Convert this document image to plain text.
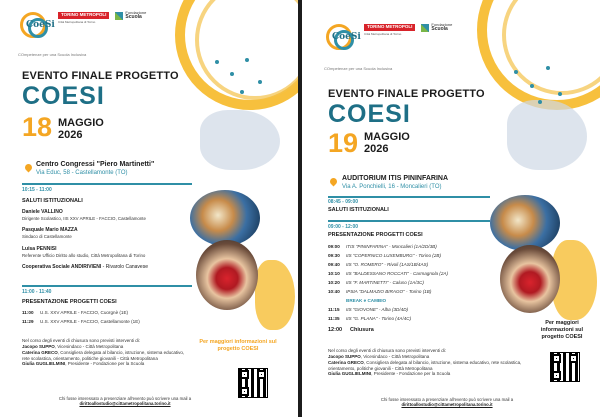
CoeSi
TORINO METROPOLI
Città Metropolitana di Torino
Fondazione
Scuola
COmpetenze per una Scuola Inclusiva
EVENTO FINALE PROGETTO
COESI
18 MAGGIO
2026
Centro Congressi "Piero Martinetti"
Via Educ, 58 - Castellamonte (TO)
10:15 - 11:00
SALUTI ISTITUZIONALI
Daniele VALLINO
Dirigente Scolastico, IIS XXV APRILE - FACCIO, Castellamonte
Pasquale Mario MAZZA
Sindaco di Castellamonte
Luisa PENNISI
Referente Ufficio Diritto allo studio, Città Metropolitana di Torino
Cooperativa Sociale ANDIRIVIENI - Rivarolo Canavese
11:00 - 11:40
PRESENTAZIONE PROGETTI COESI
11:00 U.S. XXV APRILE - FACCIO, Cuorgnè (1E)
11:29 U.S. XXV APRILE - FACCIO, Castellamonte (1E)
Per maggiori informazioni sul progetto COESI
Nel corso degli eventi di chiusura sono previsti interventi di:
Jacopo SUPPO, Vicesindaco - Città Metropolitana
Caterina GRECO, Consigliera delegata al bilancio, istruzione, sistema educativo, rete scolastica, orientamento, politiche giovanili - Città Metropolitana
Giulia GUGLIELMINI, Presidente - Fondazione per la Scuola
Chi fosse interessato a presenziare all'evento può scrivere una mail a
dirittoallostudio@cittametropolitana.torino.it
CoeSi
TORINO METROPOLI
Città Metropolitana di Torino
Fondazione
Scuola
COmpetenze per una Scuola Inclusiva
EVENTO FINALE PROGETTO
COESI
19 MAGGIO
2026
AUDITORIUM ITIS PININFARINA
Via A. Ponchielli, 16 - Moncalieri (TO)
08:45 - 09:00
SALUTI ISTITUZIONALI
09:00 - 12:00
PRESENTAZIONE PROGETTI COESI
09:00 ITIS "PININFARINA" - Moncalieri (1A/2D/3B)
09:30 IIS "COPERNICO LUXEMBURG" - Torino (2B)
09:40 IIS "O. ROMERO" - Rivoli (1AS/1B/4AS)
10:10 IIS "BALDESSANO ROCCATI" - Carmagnola (2A)
10:20 IIS "F. MARTINETTI" - Caluso (1A/3C)
10:40 IPSIA "DALMAZIO BIRAGO" - Torino (1B)
BREAK e CAMBIO
11:15 IIS "GIOVONE" - Alba (3D/4D)
11:35 IIS "G. PLANA" - Torino (4A/4C)
12:00 Chiusura
Per maggiori informazioni sul progetto COESI
Nel corso degli eventi di chiusura sono previsti interventi di:
Jacopo SUPPO, Vicesindaco - Città Metropolitana
Caterina GRECO, Consigliera delegata al bilancio, istruzione, sistema educativo, rete scolastica, orientamento, politiche giovanili - Città Metropolitana
Giulia GUGLIELMINI, Presidente - Fondazione per la Scuola
Chi fosse interessato a presenziare all'evento può scrivere una mail a
dirittoallostudio@cittametropolitana.torino.it
